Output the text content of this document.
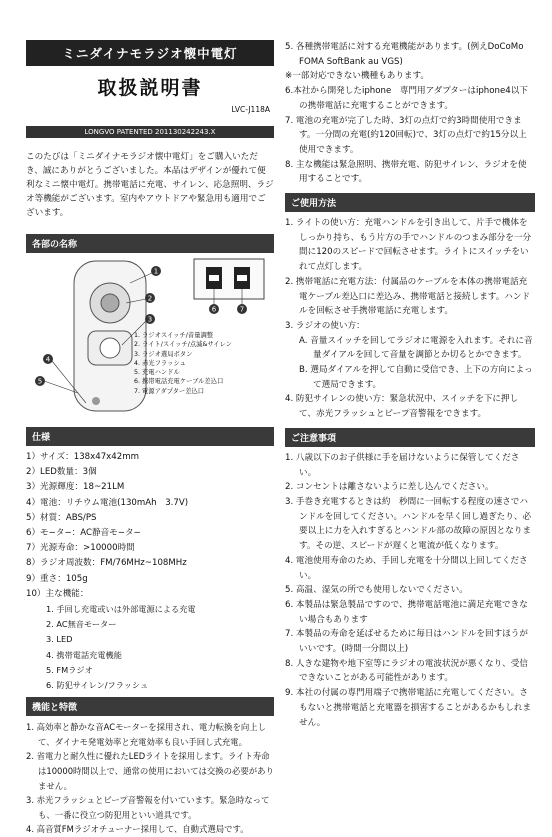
ミニダイナモラジオ懐中電灯
取扱説明書
LVC-J118A
LONGVO PATENTED 201130242243.X

このたびは「ミニダイナモラジオ懐中電灯」をご購入いただき、誠にありがとうございました。本品はデザインが優れて便利なミニ懐中電灯。携帯電話に充電、サイレン、応急照明、ラジオ等機能がございます。室内やアウトドアや緊急用も適用でございます。

各部の名称
1
2
3
4
5
6	7
1. ラジオスイッチ/音量調整
2. ライト/スイッチ/点滅&サイレン
3. ラジオ選局ボタン
4. 赤光フラッシュ
5. 充電ハンドル
6. 携帯電話充電ケーブル差込口
7. 電源アダプター差込口
仕様
1）サイズ：138x47x42mm
2）LED数量：3個
3）光源輝度：18~21LM
4）電池：リチウム電池(130mAh　3.7V)
5）材質：ABS/PS
6）モ−タ−：AC静音モ−タ−
7）光源寿命：>10000時間
8）ラジオ周波数：FM/76MHz~108MHz
9）重さ：105g
10）主な機能：
1. 手回し充電或いは外部電源による充電
2. AC無音モーター
3. LED
4. 携帯電話充電機能
5. FMラジオ
6. 防犯サイレン/フラッシュ
機能と特徴
1. 高効率と静かな音ACモーターを採用され、電力転換を向上して、ダイナモ発電効率と充電効率も良い手回し式充電。
2. 省電力と耐久性に優れたLEDライトを採用します。ライト寿命は10000時間以上で、通常の使用においては交換の必要がありません。
3. 赤光フラッシュとビープ音警報を付いています。緊急時なっても、一番に役立つ防犯用といい道具です。
4. 高音質FMラジオチューナー採用して、自動式選局です。
5. 各種携帯電話に対する充電機能があります。(例えDoCoMo FOMA SoftBank au VGS)
※一部対応できない機種もあります。
6.本社から開発したiphone　専門用アダプターはiphone4以下の携帯電話に充電することができます。
7. 電池の充電が完了した時、3灯の点灯で約3時間使用できます。一分間の充電(約120回転)で、3灯の点灯で約15分以上使用できます。
8. 主な機能は緊急照明、携帯充電、防犯サイレン、ラジオを使用することです。
ご使用方法
1. ライトの使い方：充電ハンドルを引き出して、片手で機体をしっかり持ち、もう片方の手でハンドルのつまみ部分を一分間に120のスピードで回転させます。ライトにスイッチをいれて点灯します。
2. 携帯電話に充電方法：付属品のケーブルを本体の携帯電話充電ケーブル差込口に差込み、携帯電話と接続します。ハンドルを回転させ手携帯電話に充電します。
3. ラジオの使い方：
A. 音量スイッチを回してラジオに電源を入れます。それに音量ダイアルを回して音量を調節とか切るとかできます。
B. 選局ダイアルを押して自動に受信でき、上下の方向によって選局できます。
4. 防犯サイレンの使い方：緊急状況中、スイッチを下に押して、赤光フラッシュとビープ音警報をできます。
ご注意事項
1. 八歳以下のお子供様に手を届けないように保管してください。
2. コンセントは離さないように差し込んでください。
3. 手巻き充電するときは約　秒間に一回転する程度の速さでハンドルを回してください。ハンドルを早く回し過ぎたり、必要以上に力を入れすぎるとハンドル部の故障の原因となります。その逆、スピードが遅くと電流が低くなります。
4. 電池使用寿命のため、手回し充電を十分間以上回してください。
5. 高温、湿気の所でも使用しないでください。
6. 本製品は緊急製品ですので、携帯電話電池に満足充電できない場合もあります
7. 本製品の寿命を延ばせるために毎日はハンドルを回すほうがいいです。(時間一分間以上)
8. 人きな建物や地下室等にラジオの電波状況が悪くなり、受信できないことがある可能性があります。
9. 本社の付属の専門用端子で携帯電話に充電してください。さもないと携帯電話と充電器を損害することがあるかもしれません。
